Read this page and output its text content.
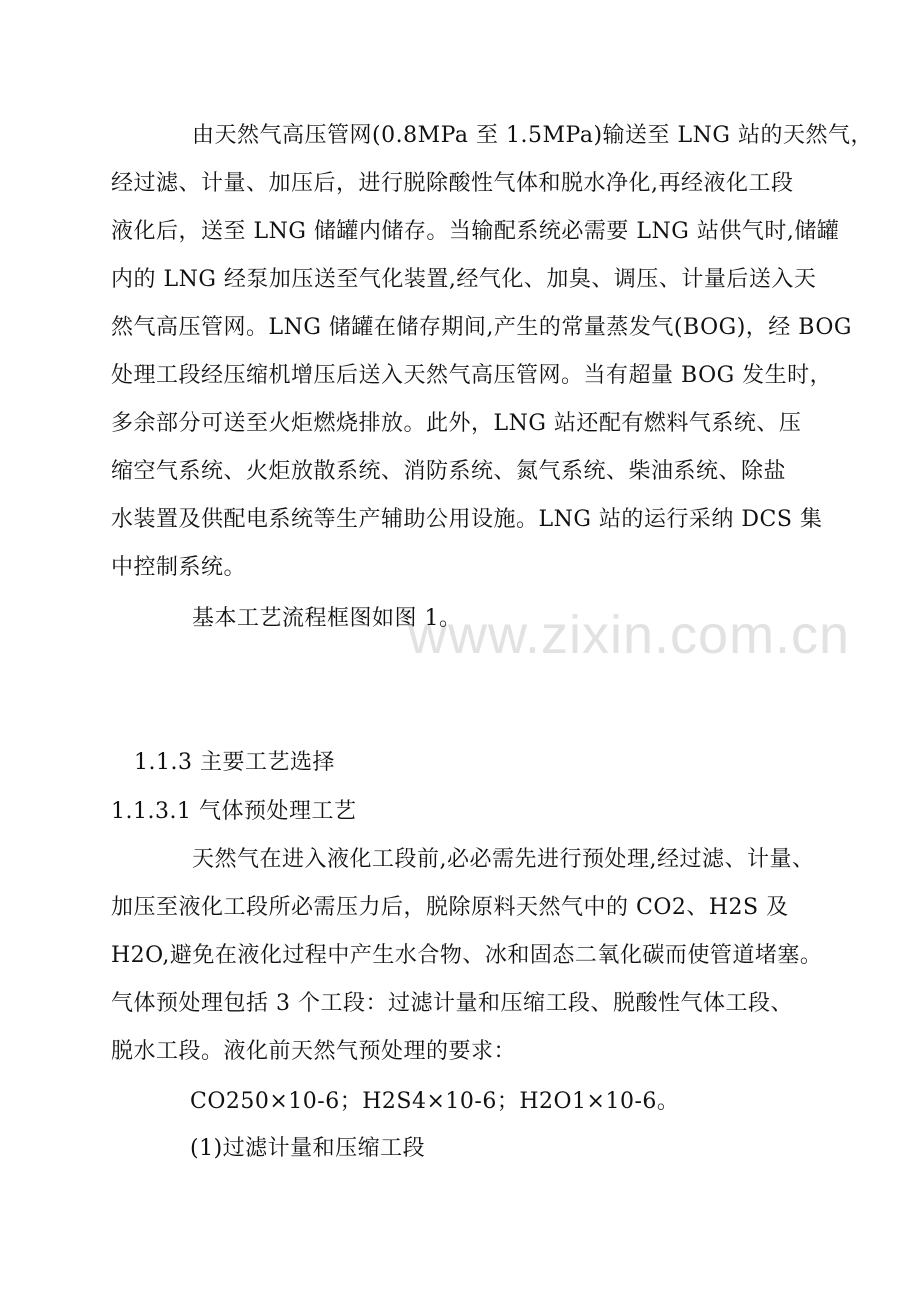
www.zixin.com.cn
由天然气高压管网(0.8MPa 至 1.5MPa)输送至 LNG 站的天然气，
经过滤、计量、加压后，进行脱除酸性气体和脱水净化,再经液化工段
液化后，送至 LNG 储罐内储存。当输配系统必需要 LNG 站供气时,储罐
内的 LNG 经泵加压送至气化装置,经气化、加臭、调压、计量后送入天
然气高压管网。LNG 储罐在储存期间,产生的常量蒸发气(BOG)，经 BOG
处理工段经压缩机增压后送入天然气高压管网。当有超量 BOG 发生时，
多余部分可送至火炬燃烧排放。此外，LNG 站还配有燃料气系统、压
缩空气系统、火炬放散系统、消防系统、氮气系统、柴油系统、除盐
水装置及供配电系统等生产辅助公用设施。LNG 站的运行采纳 DCS 集
中控制系统。
基本工艺流程框图如图 1。
1.1.3 主要工艺选择
1.1.3.1 气体预处理工艺
天然气在进入液化工段前,必必需先进行预处理,经过滤、计量、
加压至液化工段所必需压力后，脱除原料天然气中的 CO2、H2S 及
H2O,避免在液化过程中产生水合物、冰和固态二氧化碳而使管道堵塞。
气体预处理包括 3 个工段：过滤计量和压缩工段、脱酸性气体工段、
脱水工段。液化前天然气预处理的要求：
CO250×10-6；H2S4×10-6；H2O1×10-6。
(1)过滤计量和压缩工段
